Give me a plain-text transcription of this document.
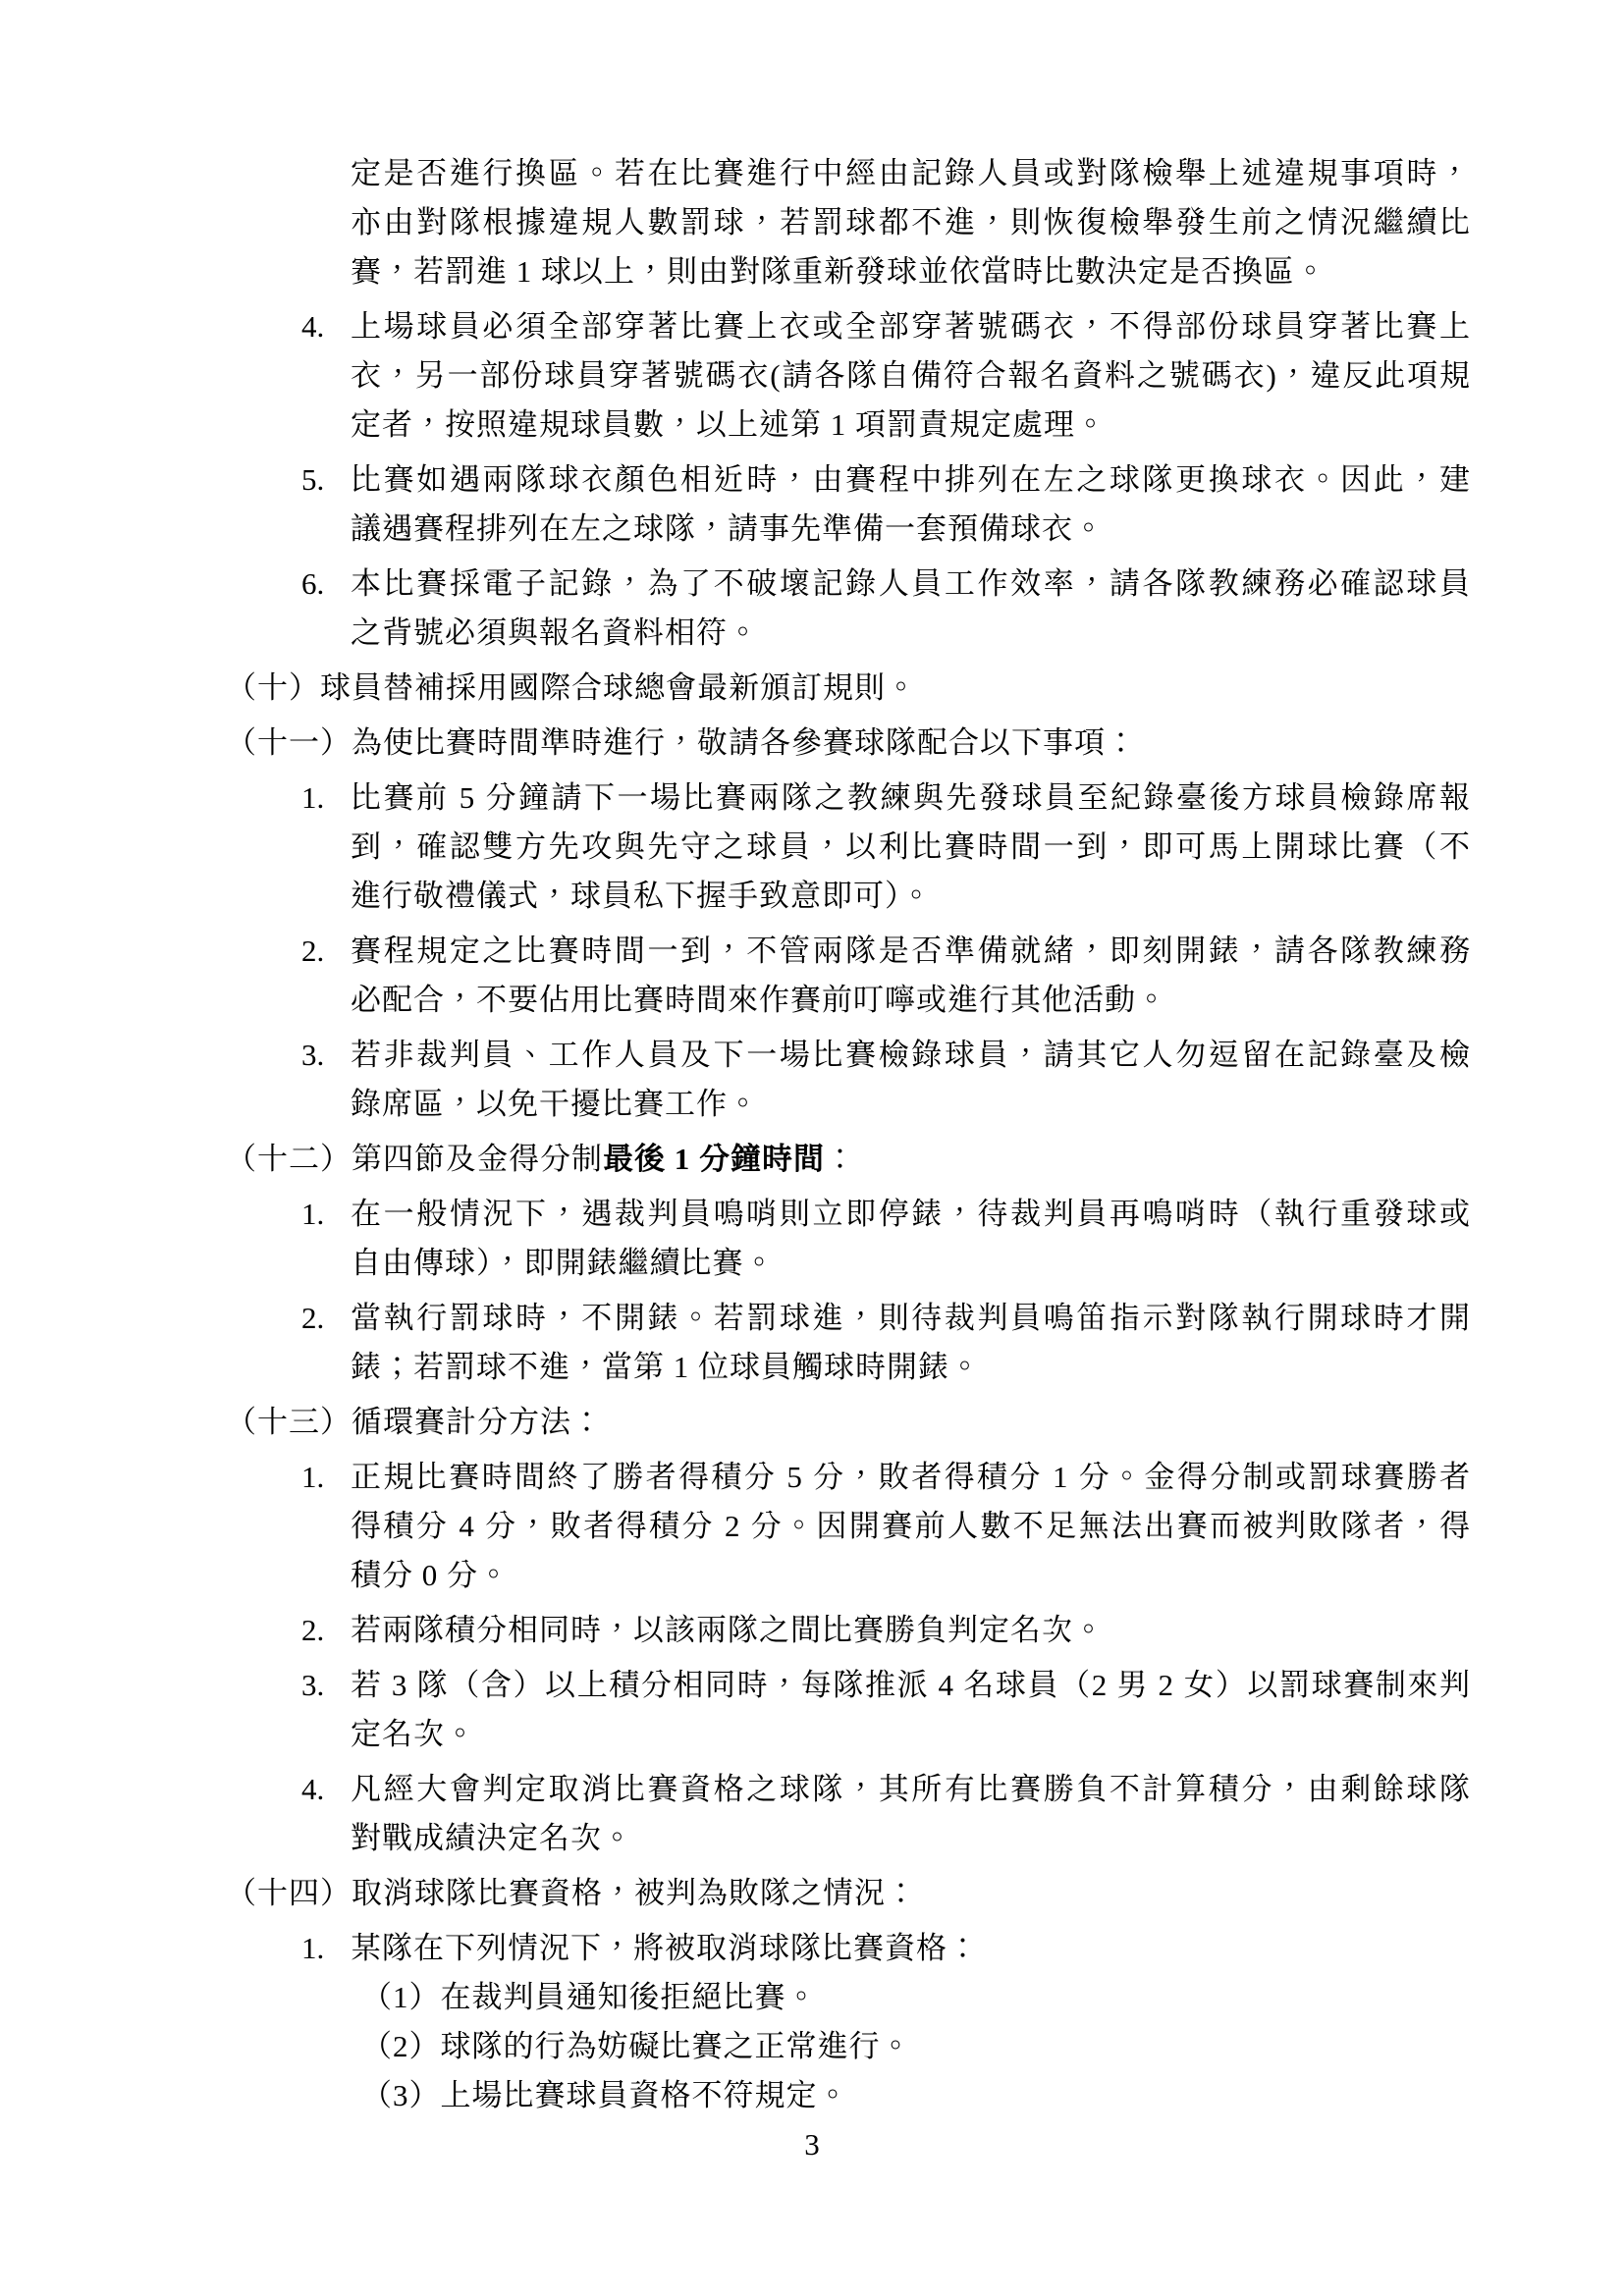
定是否進行換區。若在比賽進行中經由記錄人員或對隊檢舉上述違規事項時，
亦由對隊根據違規人數罰球，若罰球都不進，則恢復檢舉發生前之情況繼續比
賽，若罰進 1 球以上，則由對隊重新發球並依當時比數決定是否換區。
4. 上場球員必須全部穿著比賽上衣或全部穿著號碼衣，不得部份球員穿著比賽上
衣，另一部份球員穿著號碼衣(請各隊自備符合報名資料之號碼衣)，違反此項規
定者，按照違規球員數，以上述第 1 項罰責規定處理。
5. 比賽如遇兩隊球衣顏色相近時，由賽程中排列在左之球隊更換球衣。因此，建
議遇賽程排列在左之球隊，請事先準備一套預備球衣。
6. 本比賽採電子記錄，為了不破壞記錄人員工作效率，請各隊教練務必確認球員
之背號必須與報名資料相符。
（十）球員替補採用國際合球總會最新頒訂規則。
（十一）為使比賽時間準時進行，敬請各參賽球隊配合以下事項：
1. 比賽前 5 分鐘請下一場比賽兩隊之教練與先發球員至紀錄臺後方球員檢錄席報
到，確認雙方先攻與先守之球員，以利比賽時間一到，即可馬上開球比賽（不
進行敬禮儀式，球員私下握手致意即可）。
2. 賽程規定之比賽時間一到，不管兩隊是否準備就緒，即刻開錶，請各隊教練務
必配合，不要佔用比賽時間來作賽前叮嚀或進行其他活動。
3. 若非裁判員、工作人員及下一場比賽檢錄球員，請其它人勿逗留在記錄臺及檢
錄席區，以免干擾比賽工作。
（十二）第四節及金得分制最後 1 分鐘時間：
1. 在一般情況下，遇裁判員鳴哨則立即停錶，待裁判員再鳴哨時（執行重發球或
自由傳球），即開錶繼續比賽。
2. 當執行罰球時，不開錶。若罰球進，則待裁判員鳴笛指示對隊執行開球時才開
錶；若罰球不進，當第 1 位球員觸球時開錶。
（十三）循環賽計分方法：
1. 正規比賽時間終了勝者得積分 5 分，敗者得積分 1 分。金得分制或罰球賽勝者
得積分 4 分，敗者得積分 2 分。因開賽前人數不足無法出賽而被判敗隊者，得
積分 0 分。
2. 若兩隊積分相同時，以該兩隊之間比賽勝負判定名次。
3. 若 3 隊（含）以上積分相同時，每隊推派 4 名球員（2 男 2 女）以罰球賽制來判
定名次。
4. 凡經大會判定取消比賽資格之球隊，其所有比賽勝負不計算積分，由剩餘球隊
對戰成績決定名次。
（十四）取消球隊比賽資格，被判為敗隊之情況：
1. 某隊在下列情況下，將被取消球隊比賽資格：
（1）在裁判員通知後拒絕比賽。
（2）球隊的行為妨礙比賽之正常進行。
（3）上場比賽球員資格不符規定。
3
